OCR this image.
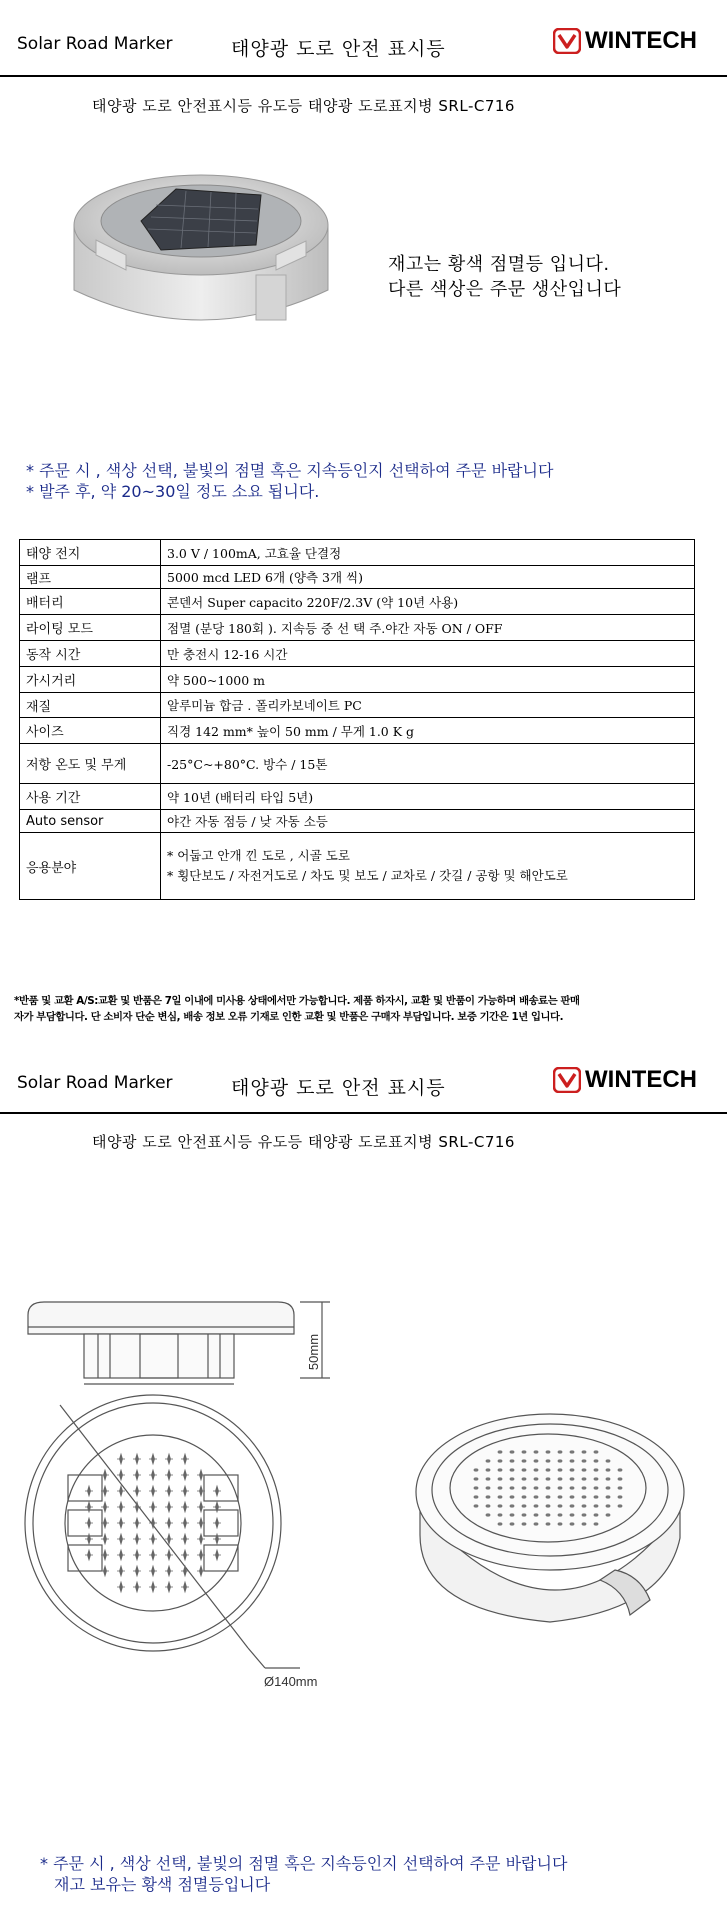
Solar Road Marker	태양광 도로 안전 표시등	WINTECH
태양광 도로 안전표시등 유도등 태양광 도로표지병 SRL-C716
재고는 황색 점멸등 입니다.
다른 색상은 주문 생산입니다
* 주문 시 , 색상 선택, 불빛의 점멸 혹은 지속등인지 선택하여 주문 바랍니다
* 발주 후, 약 20~30일 정도 소요 됩니다.
태양 전지	3.0 V / 100mA, 고효율 단결정
램프	5000 mcd LED 6개 (양측 3개 씩)
배터리	콘덴서 Super capacito 220F/2.3V (약 10년 사용)
라이팅 모드	점멸 (분당 180회 ). 지속등 중 선 택 주.야간 자동 ON / OFF
동작 시간	만 충전시 12-16 시간
가시거리	약 500~1000 m
재질	알루미늄 합금 . 폴리카보네이트 PC
사이즈	직경 142 mm* 높이 50 mm / 무게 1.0 K g
저항 온도 및 무게	-25°C~+80°C. 방수 / 15톤
사용 기간	약 10년 (배터리 타입 5년)
Auto sensor	야간 자동 점등 / 낮 자동 소등
응용분야	* 어둡고 안개 낀 도로 , 시골 도로
* 횡단보도 / 자전거도로 / 차도 및 보도 / 교차로 / 갓길 / 공항 및 해안도로
*반품 및 교환 A/S:교환 및 반품은 7일 이내에 미사용 상태에서만 가능합니다. 제품 하자시, 교환 및 반품이 가능하며 배송료는 판매
자가 부담합니다. 단 소비자 단순 변심, 배송 정보 오류 기재로 인한 교환 및 반품은 구매자 부담입니다. 보증 기간은 1년 입니다.
Solar Road Marker	태양광 도로 안전 표시등	WINTECH
태양광 도로 안전표시등 유도등 태양광 도로표지병 SRL-C716
50mm
Ø140mm
* 주문 시 , 색상 선택, 불빛의 점멸 혹은 지속등인지 선택하여 주문 바랍니다
재고 보유는 황색 점멸등입니다
